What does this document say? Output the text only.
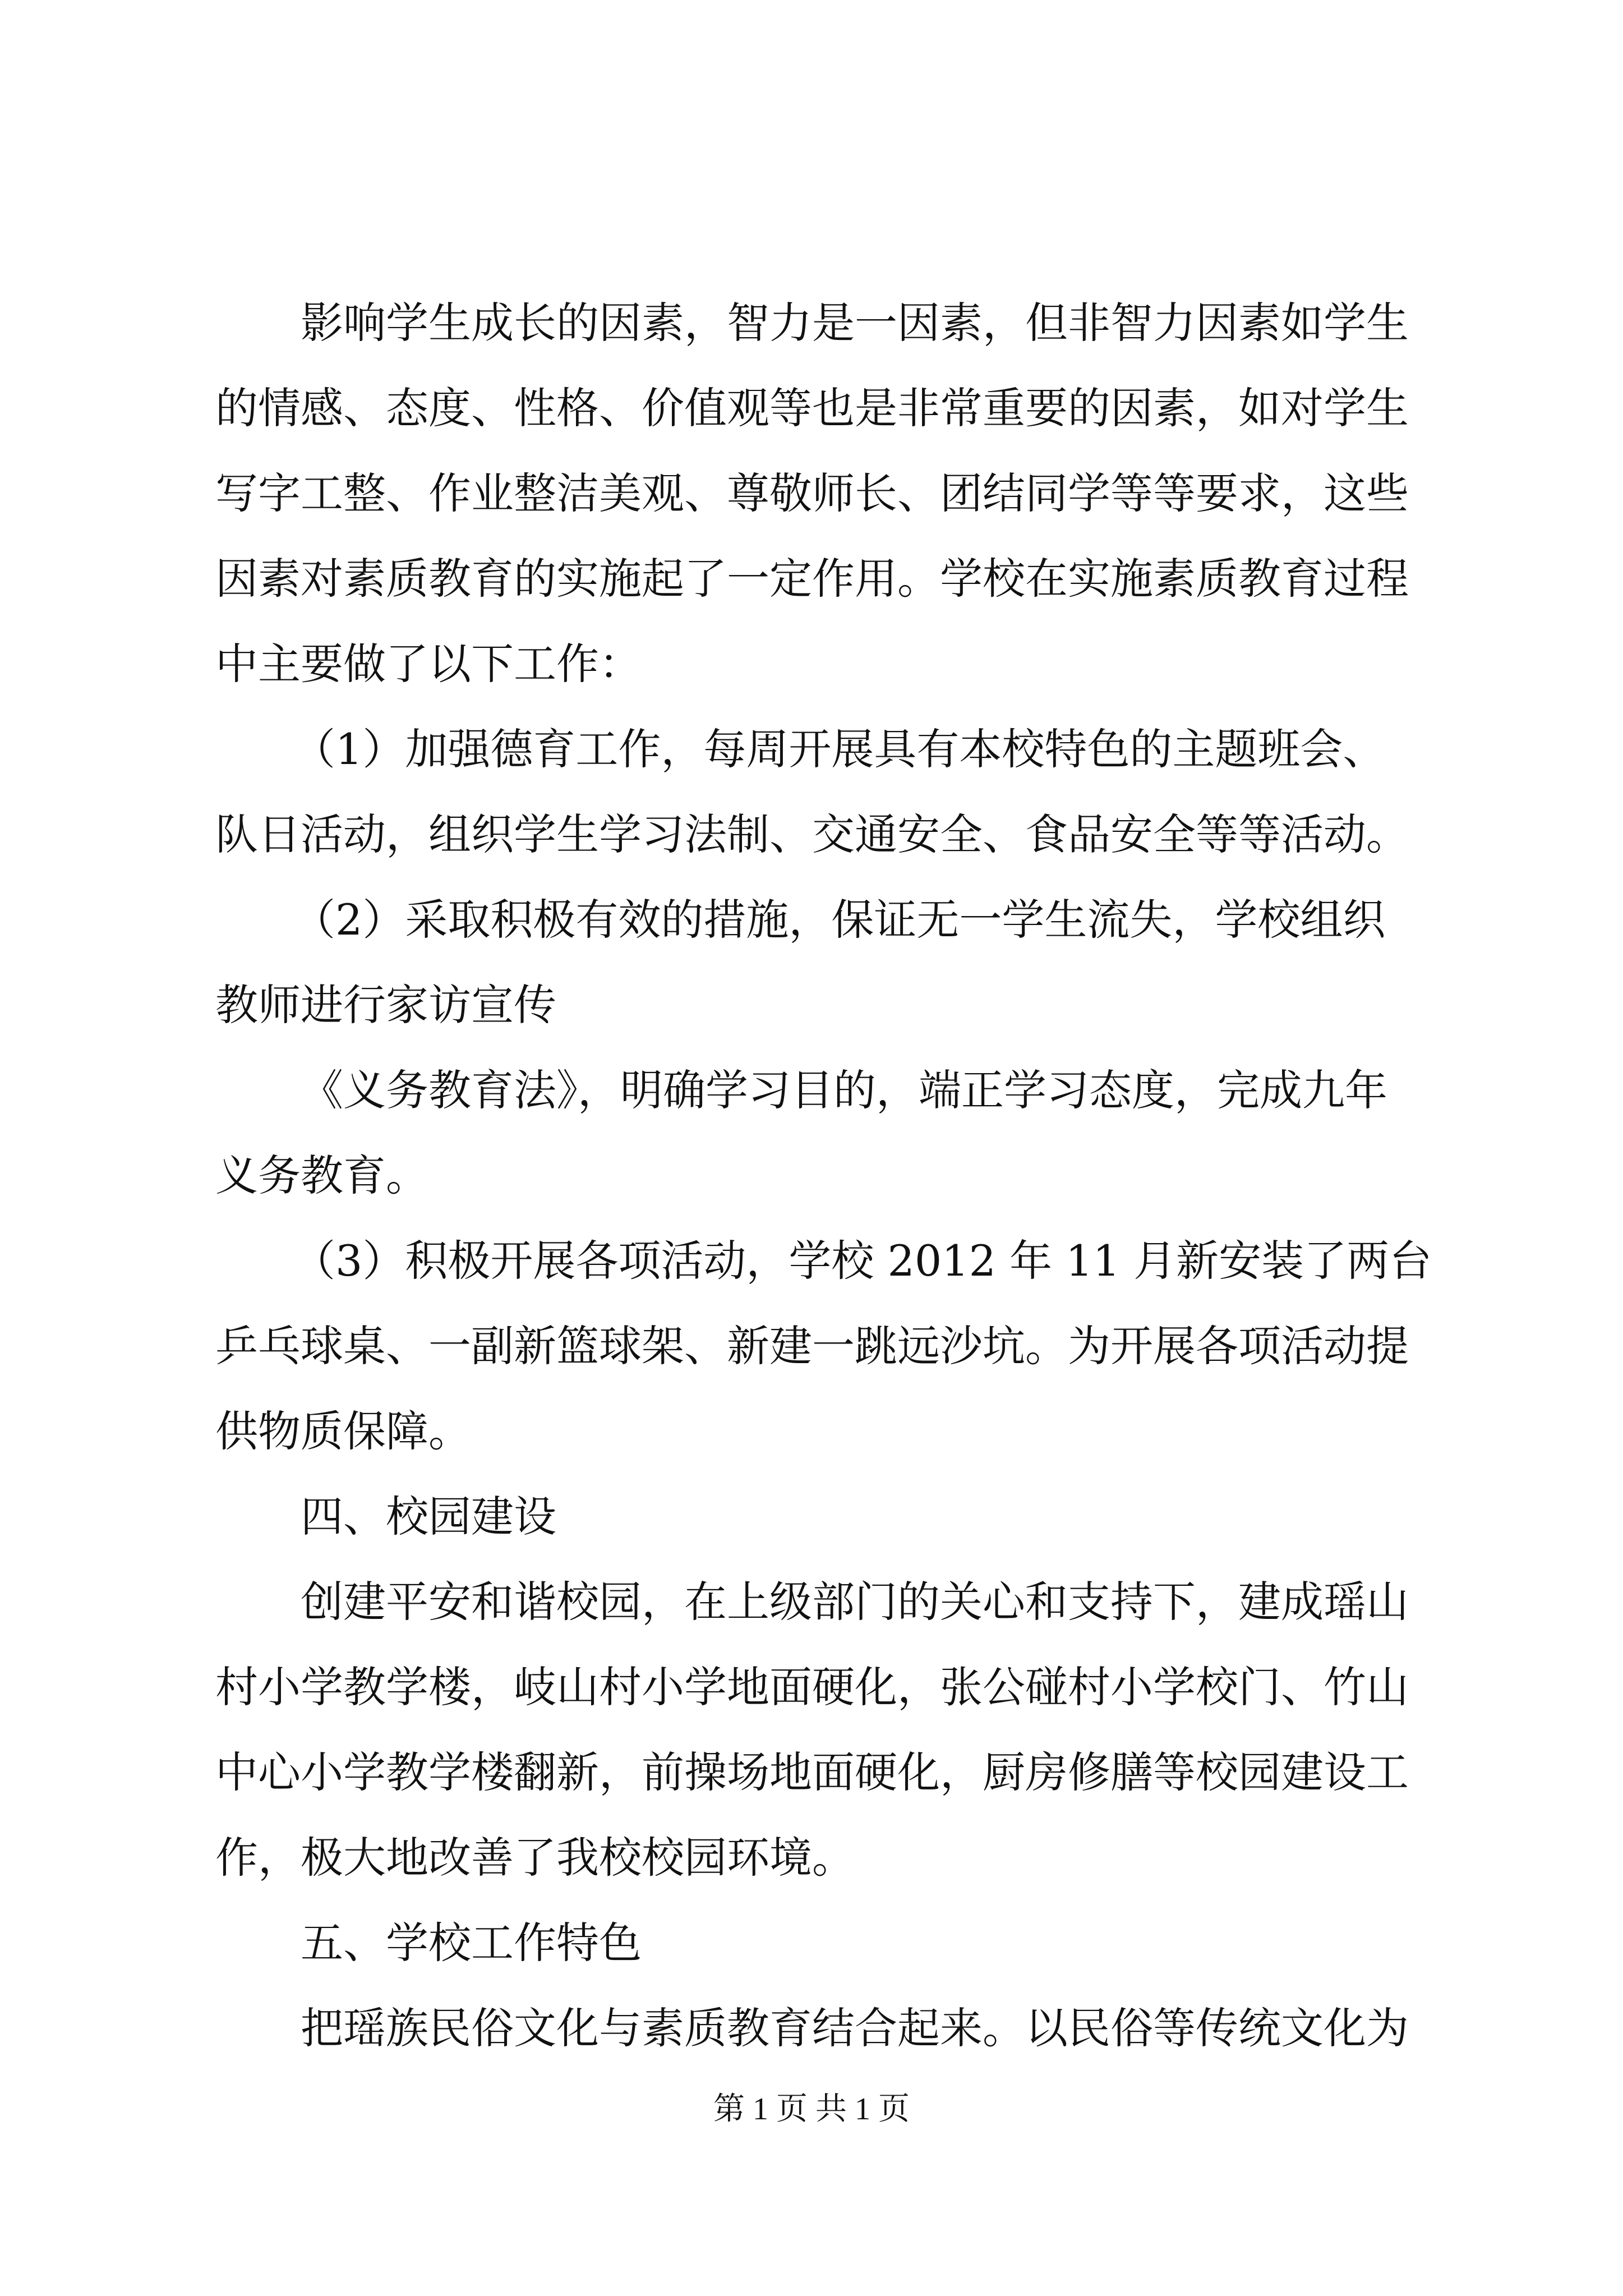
影响学生成长的因素，智力是一因素，但非智力因素如学生
的情感、态度、性格、价值观等也是非常重要的因素，如对学生
写字工整、作业整洁美观、尊敬师长、团结同学等等要求，这些
因素对素质教育的实施起了一定作用。学校在实施素质教育过程
中主要做了以下工作：
（1）加强德育工作，每周开展具有本校特色的主题班会、
队日活动，组织学生学习法制、交通安全、食品安全等等活动。
（2）采取积极有效的措施，保证无一学生流失，学校组织
教师进行家访宣传
《义务教育法》，明确学习目的，端正学习态度，完成九年
义务教育。
（3）积极开展各项活动，学校 2012 年 11 月新安装了两台
乒乓球桌、一副新篮球架、新建一跳远沙坑。为开展各项活动提
供物质保障。
四、校园建设
创建平安和谐校园，在上级部门的关心和支持下，建成瑶山
村小学教学楼，岐山村小学地面硬化，张公碰村小学校门、竹山
中心小学教学楼翻新，前操场地面硬化，厨房修膳等校园建设工
作，极大地改善了我校校园环境。
五、学校工作特色
把瑶族民俗文化与素质教育结合起来。以民俗等传统文化为
第 1 页 共 1 页
